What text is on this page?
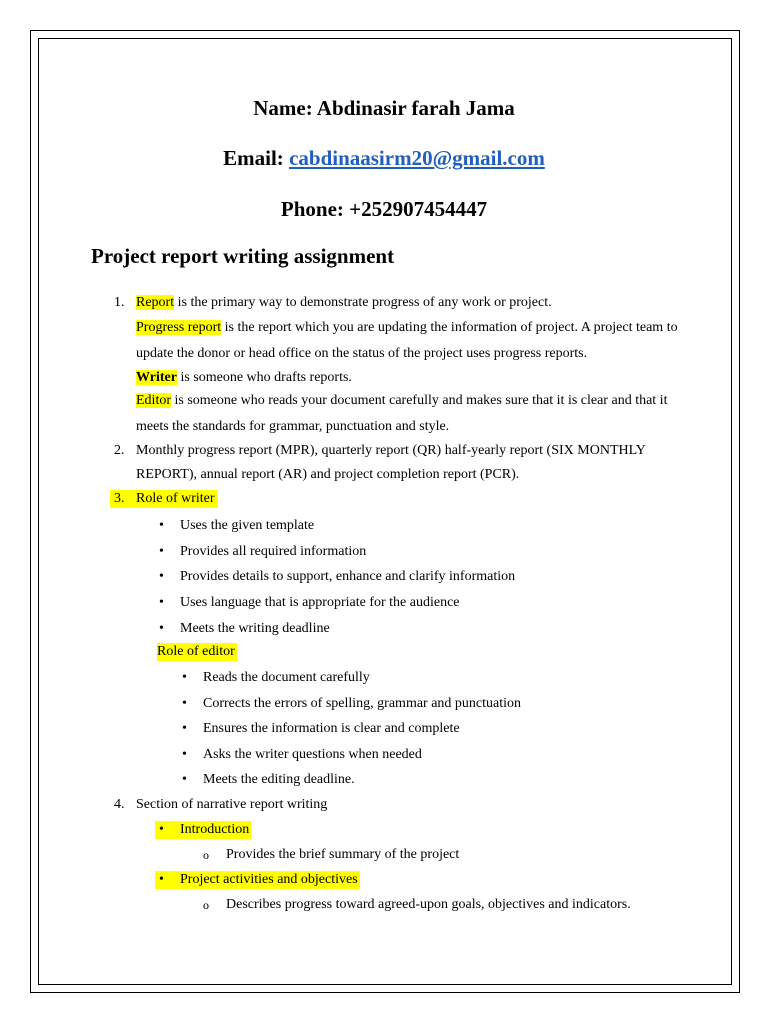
Name: Abdinasir farah Jama
Email: cabdinaasirm20@gmail.com
Phone: +252907454447
Project report writing assignment
1. Report is the primary way to demonstrate progress of any work or project.
Progress report is the report which you are updating the information of project. A project team to
update the donor or head office on the status of the project uses progress reports.
Writer is someone who drafts reports.
Editor is someone who reads your document carefully and makes sure that it is clear and that it
meets the standards for grammar, punctuation and style.
2. Monthly progress report (MPR), quarterly report (QR) half-yearly report (SIX MONTHLY
REPORT), annual report (AR) and project completion report (PCR).
3. Role of writer
• Uses the given template
• Provides all required information
• Provides details to support, enhance and clarify information
• Uses language that is appropriate for the audience
• Meets the writing deadline
Role of editor
• Reads the document carefully
• Corrects the errors of spelling, grammar and punctuation
• Ensures the information is clear and complete
• Asks the writer questions when needed
• Meets the editing deadline.
4. Section of narrative report writing
• Introduction
o Provides the brief summary of the project
• Project activities and objectives
o Describes progress toward agreed-upon goals, objectives and indicators.
